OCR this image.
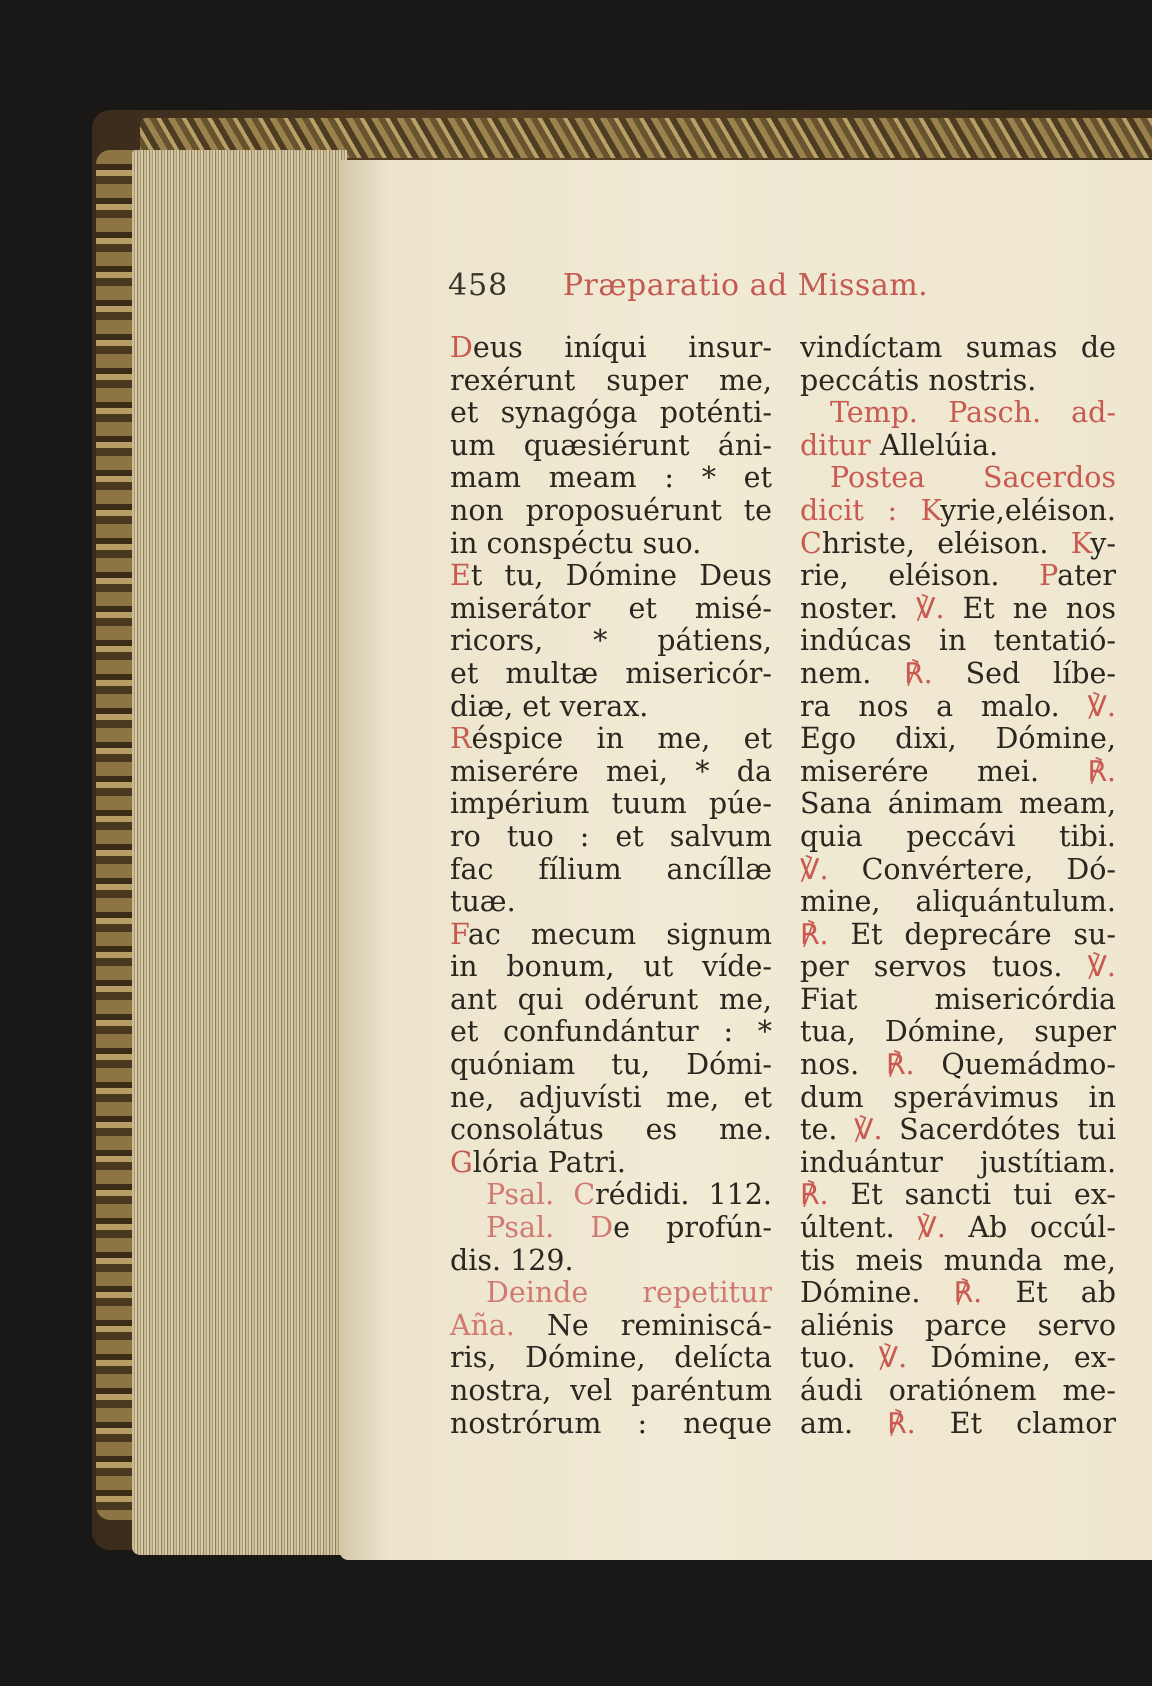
458 Præparatio ad Missam.
Deus iníqui insur-
rexérunt super me,
et synagóga poténti-
um quæsiérunt áni-
mam meam : * et
non proposuérunt te
in conspéctu suo.
Et tu, Dómine Deus
miserátor et misé-
ricors, * pátiens,
et multæ misericór-
diæ, et verax.
Réspice in me, et
miserére mei, * da
impérium tuum púe-
ro tuo : et salvum
fac fílium ancíllæ
tuæ.
Fac mecum signum
in bonum, ut víde-
ant qui odérunt me,
et confundántur : *
quóniam tu, Dómi-
ne, adjuvísti me, et
consolátus es me.
Glória Patri.
Psal. Crédidi. 112.
Psal. De profún-
dis. 129.
Deinde repetitur
Aña. Ne reminiscá-
ris, Dómine, delícta
nostra, vel paréntum
nostrórum : neque
vindíctam sumas de
peccátis nostris.
Temp. Pasch. ad-
ditur Allelúia.
Postea Sacerdos
dicit : Kyrie,eléison.
Christe, eléison. Ky-
rie, eléison. Pater
noster. ℣. Et ne nos
indúcas in tentatió-
nem. ℟. Sed líbe-
ra nos a malo. ℣.
Ego dixi, Dómine,
miserére mei. ℟.
Sana ánimam meam,
quia peccávi tibi.
℣. Convértere, Dó-
mine, aliquántulum.
℟. Et deprecáre su-
per servos tuos. ℣.
Fiat misericórdia
tua, Dómine, super
nos. ℟. Quemádmo-
dum sperávimus in
te. ℣. Sacerdótes tui
induántur justítiam.
℟. Et sancti tui ex-
últent. ℣. Ab occúl-
tis meis munda me,
Dómine. ℟. Et ab
aliénis parce servo
tuo. ℣. Dómine, ex-
áudi oratiónem me-
am. ℟. Et clamor
